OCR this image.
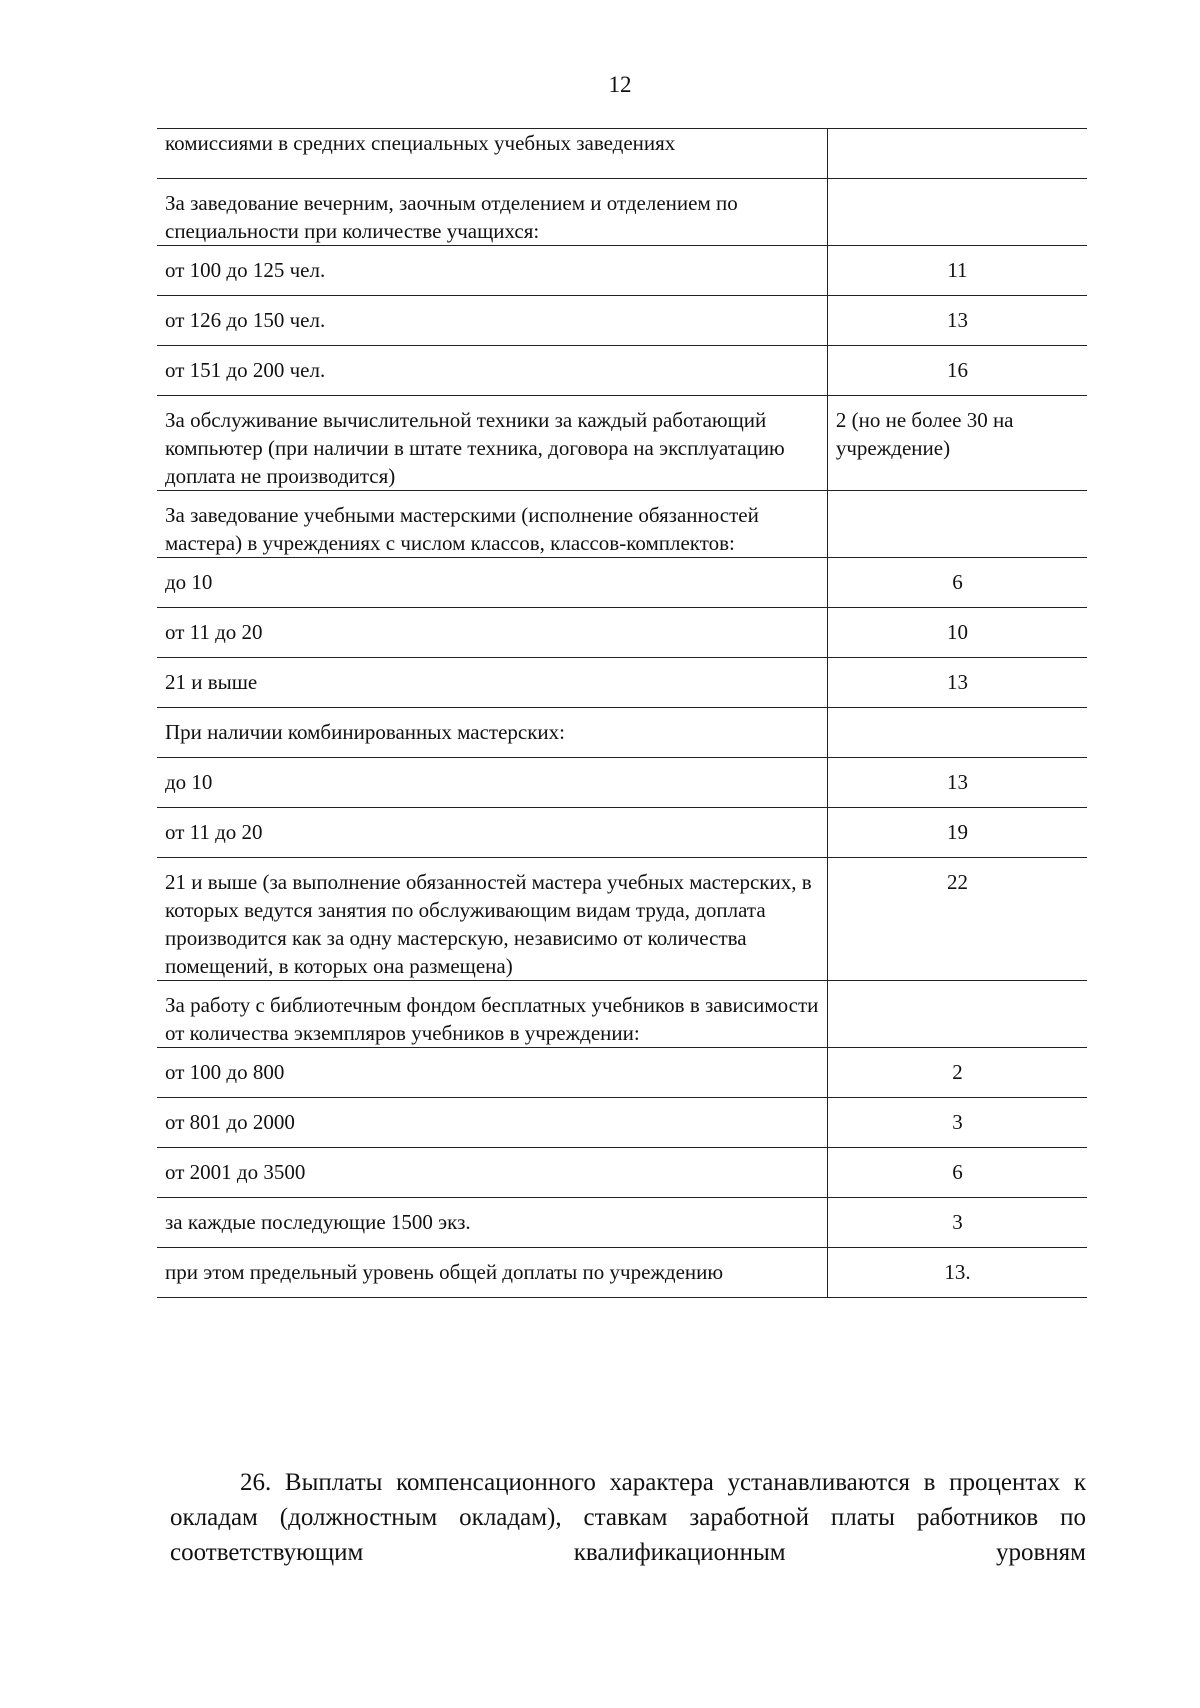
12
комиссиями в средних специальных учебных заведениях	
За заведование вечерним, заочным отделением и отделением по специальности при количестве учащихся:	
от 100 до 125 чел.	11
от 126 до 150 чел.	13
от 151 до 200 чел.	16
За обслуживание вычислительной техники за каждый работающий компьютер (при наличии в штате техника, договора на эксплуатацию доплата не производится)	2 (но не более 30 на учреждение)
За заведование учебными мастерскими (исполнение обязанностей мастера) в учреждениях с числом классов, классов-комплектов:	
до 10	6
от 11 до 20	10
21 и выше	13
При наличии комбинированных мастерских:	
до 10	13
от 11 до 20	19
21 и выше (за выполнение обязанностей мастера учебных мастерских, в которых ведутся занятия по обслуживающим видам труда, доплата производится как за одну мастерскую, независимо от количества помещений, в которых она размещена)	22
За работу с библиотечным фондом бесплатных учебников в зависимости от количества экземпляров учебников в учреждении:	
от 100 до 800	2
от 801 до 2000	3
от 2001 до 3500	6
за каждые последующие 1500 экз.	3
при этом предельный уровень общей доплаты по учреждению	13.
26. Выплаты компенсационного характера устанавливаются в процентах к окладам (должностным окладам), ставкам заработной платы работников по соответствующим квалификационным уровням
